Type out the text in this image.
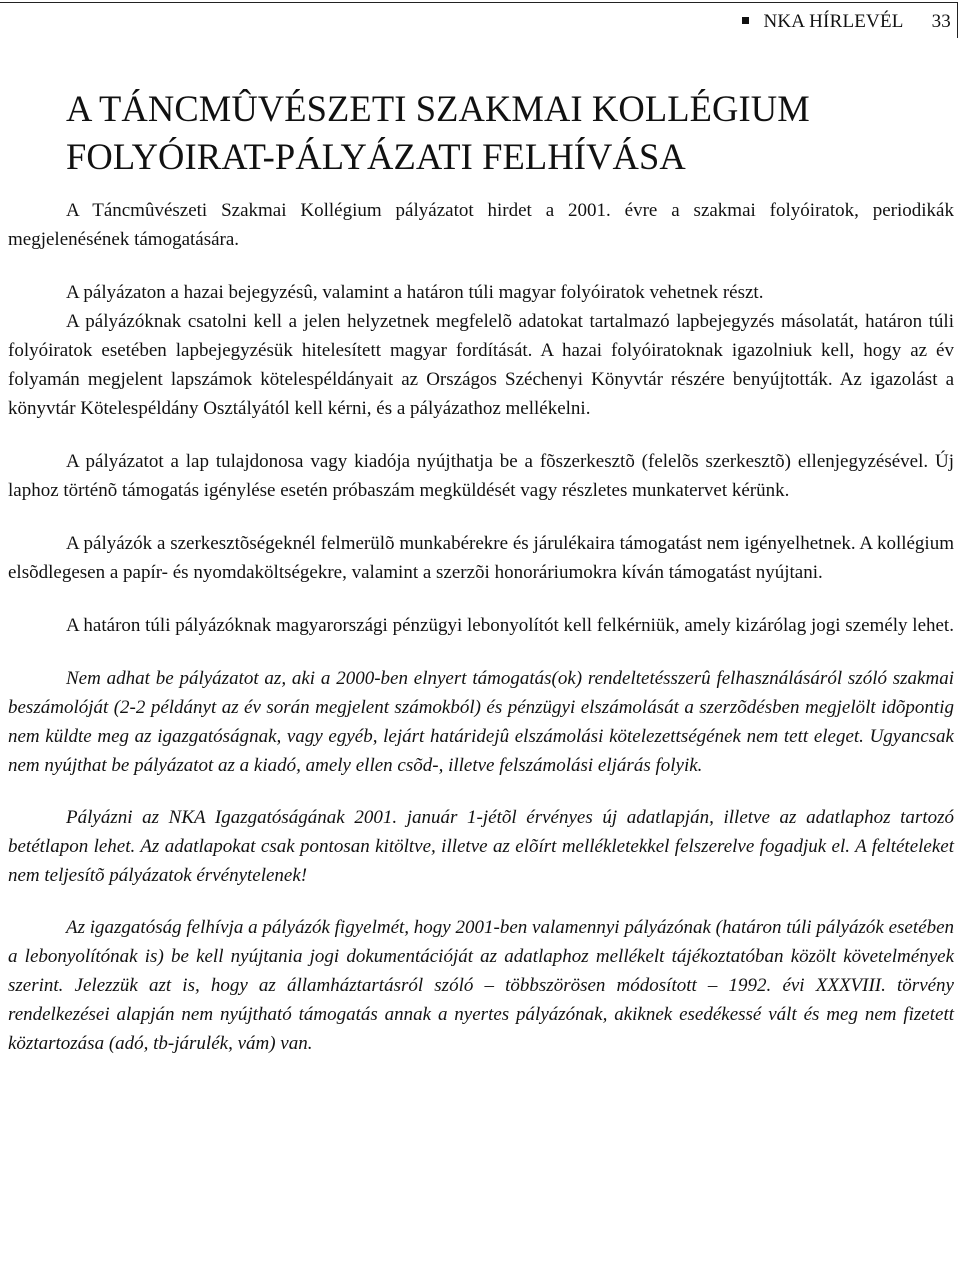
NKA HÍRLEVÉL 33
A TÁNCMÛVÉSZETI SZAKMAI KOLLÉGIUM
FOLYÓIRAT-PÁLYÁZATI FELHÍVÁSA

A Táncmûvészeti Szakmai Kollégium pályázatot hirdet a 2001. évre a szakmai folyóiratok, periodikák megjelenésének támogatására.

A pályázaton a hazai bejegyzésû, valamint a határon túli magyar folyóiratok vehetnek részt.

A pályázóknak csatolni kell a jelen helyzetnek megfelelõ adatokat tartalmazó lapbejegyzés másolatát, határon túli folyóiratok esetében lapbejegyzésük hitelesített magyar fordítását. A hazai folyóiratoknak igazolniuk kell, hogy az év folyamán megjelent lapszámok kötelespéldányait az Országos Széchenyi Könyvtár részére benyújtották. Az igazolást a könyvtár Kötelespéldány Osztályától kell kérni, és a pályázathoz mellékelni.

A pályázatot a lap tulajdonosa vagy kiadója nyújthatja be a fõszerkesztõ (felelõs szerkesztõ) ellenjegyzésével. Új laphoz történõ támogatás igénylése esetén próbaszám megküldését vagy részletes munkatervet kérünk.

A pályázók a szerkesztõségeknél felmerülõ munkabérekre és járulékaira támogatást nem igényelhetnek. A kollégium elsõdlegesen a papír- és nyomdaköltségekre, valamint a szerzõi honoráriumokra kíván támogatást nyújtani.

A határon túli pályázóknak magyarországi pénzügyi lebonyolítót kell felkérniük, amely kizárólag jogi személy lehet.

Nem adhat be pályázatot az, aki a 2000-ben elnyert támogatás(ok) rendeltetésszerû felhasználásáról szóló szakmai beszámolóját (2-2 példányt az év során megjelent számokból) és pénzügyi elszámolását a szerzõdésben megjelölt idõpontig nem küldte meg az igazgatóságnak, vagy egyéb, lejárt határidejû elszámolási kötelezettségének nem tett eleget. Ugyancsak nem nyújthat be pályázatot az a kiadó, amely ellen csõd-, illetve felszámolási eljárás folyik.

Pályázni az NKA Igazgatóságának 2001. január 1-jétõl érvényes új adatlapján, illetve az adatlaphoz tartozó betétlapon lehet. Az adatlapokat csak pontosan kitöltve, illetve az elõírt mellékletekkel felszerelve fogadjuk el. A feltételeket nem teljesítõ pályázatok érvénytelenek!

Az igazgatóság felhívja a pályázók figyelmét, hogy 2001-ben valamennyi pályázónak (határon túli pályázók esetében a lebonyolítónak is) be kell nyújtania jogi dokumentációját az adatlaphoz mellékelt tájékoztatóban közölt követelmények szerint. Jelezzük azt is, hogy az államháztartásról szóló – többszörösen módosított – 1992. évi XXXVIII. törvény rendelkezései alapján nem nyújtható támogatás annak a nyertes pályázónak, akiknek esedékessé vált és meg nem fizetett köztartozása (adó, tb-járulék, vám) van.
